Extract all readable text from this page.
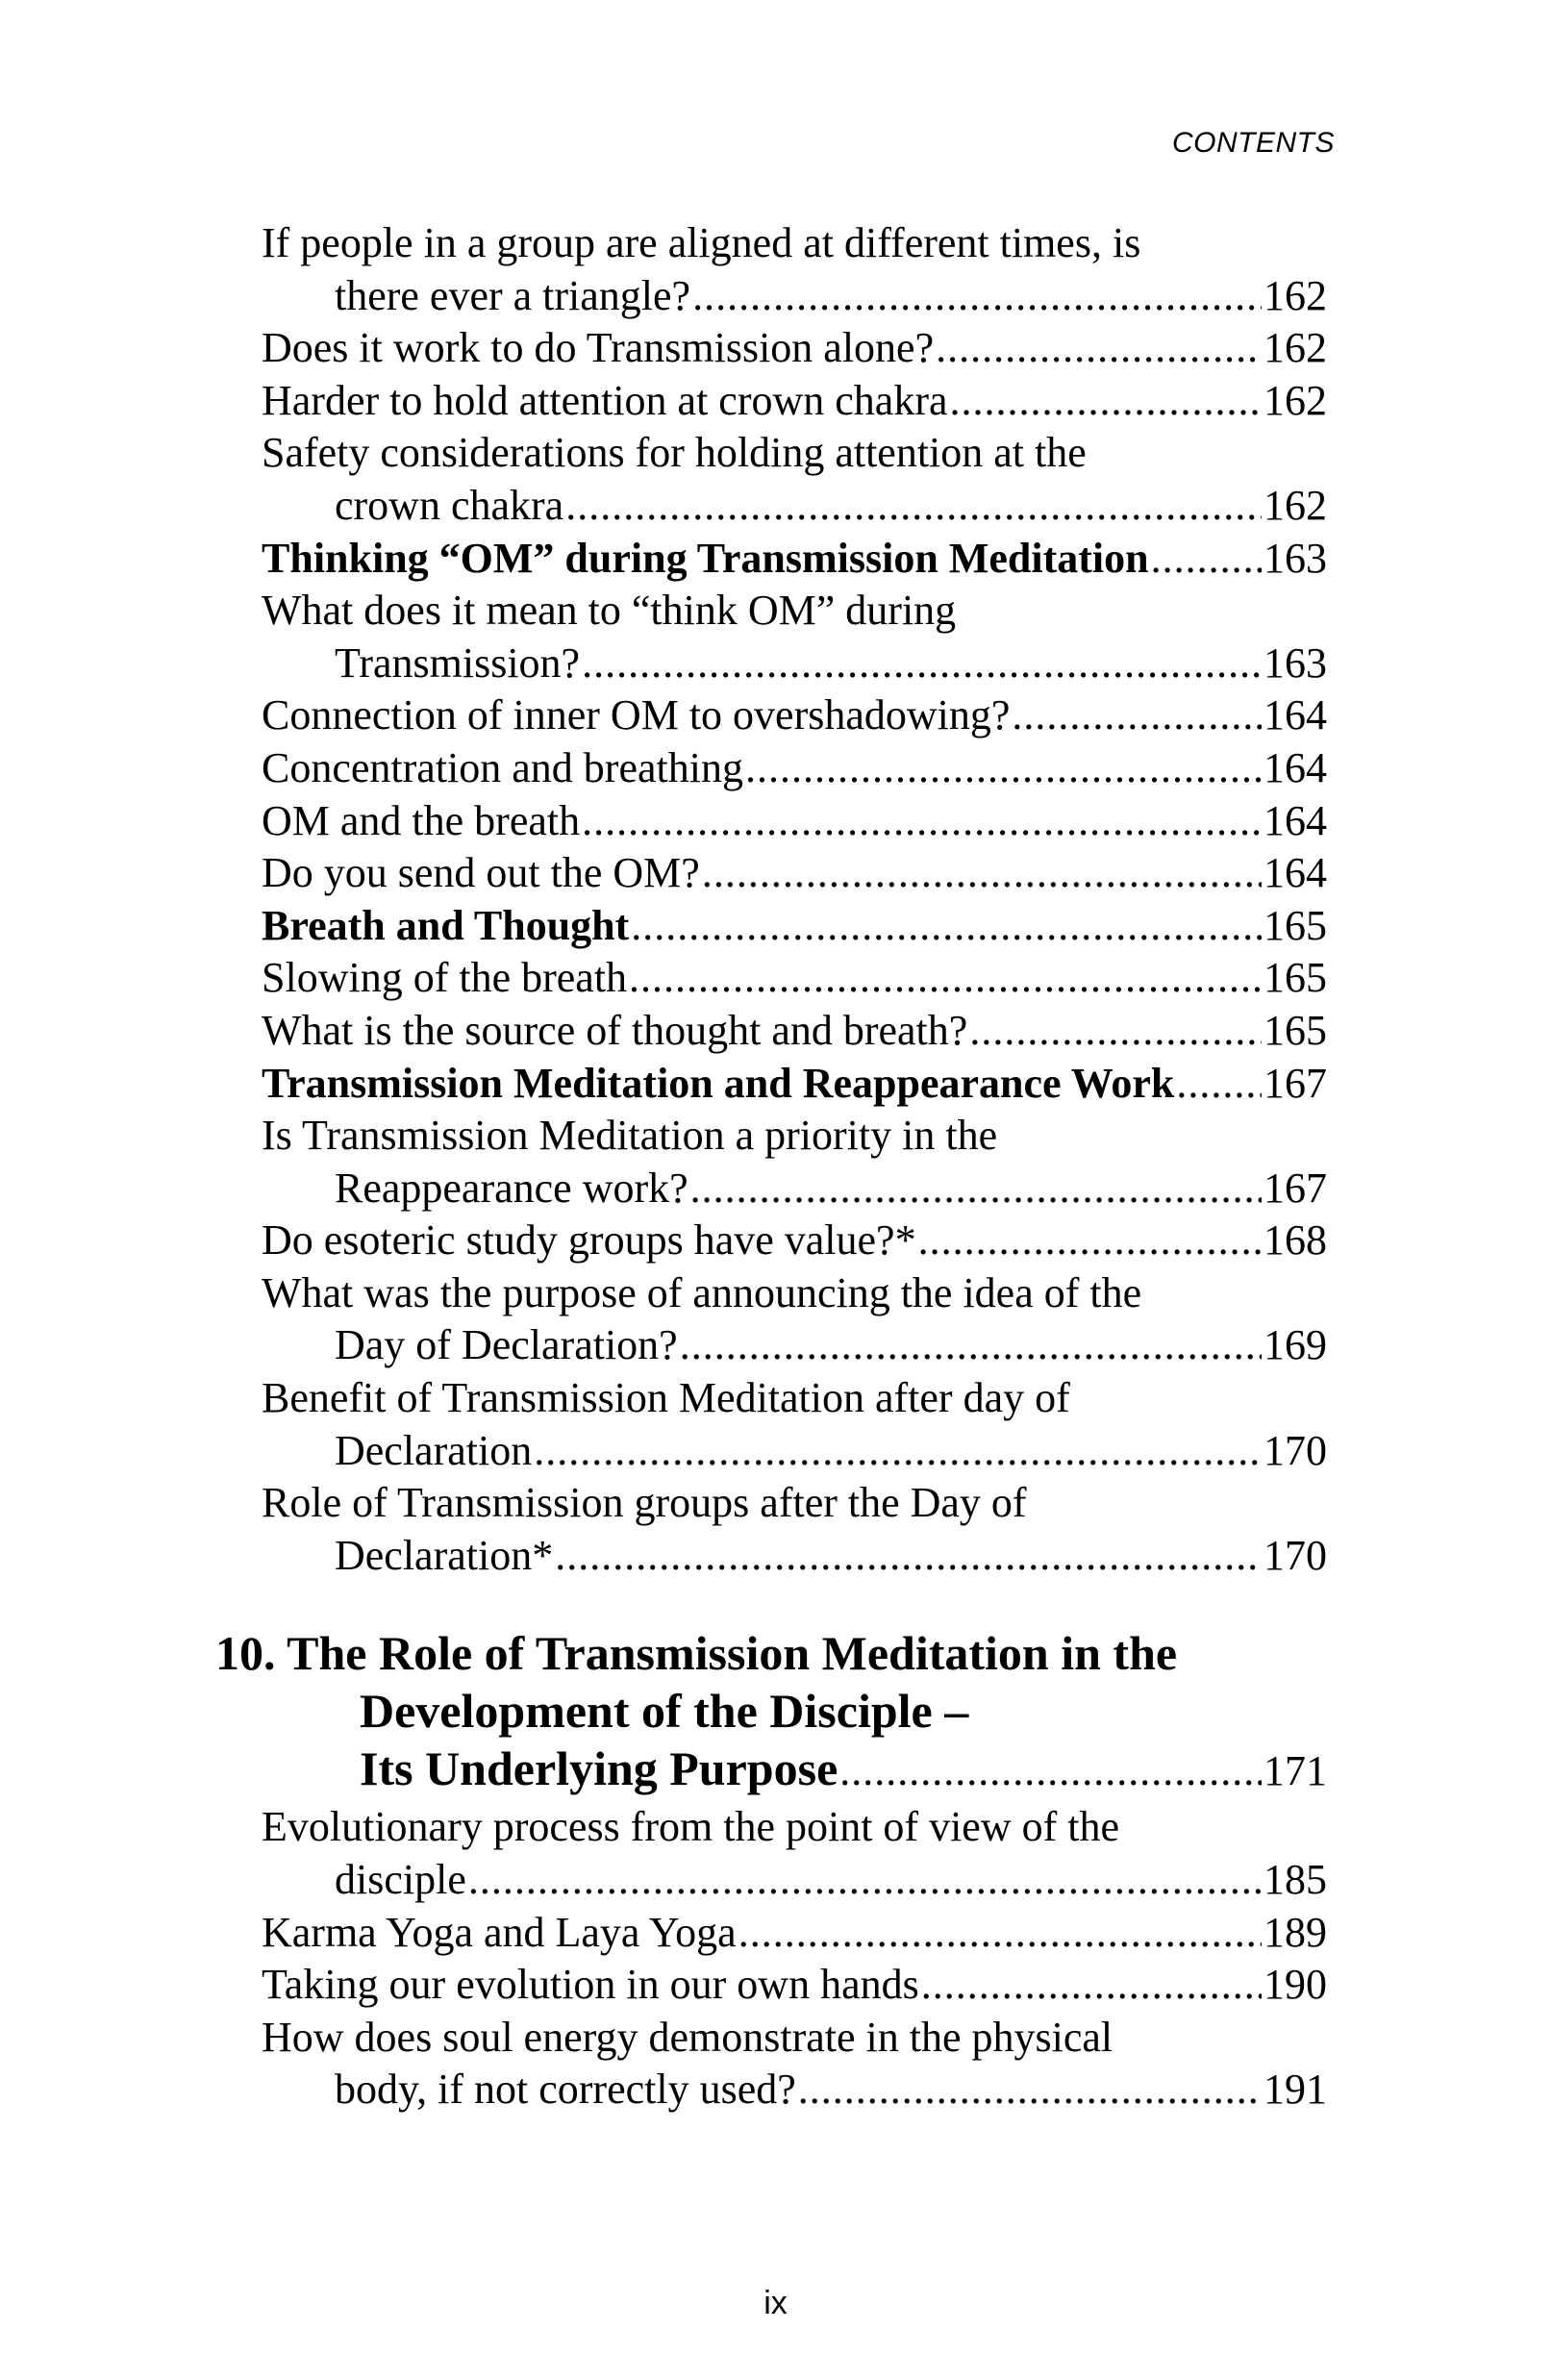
CONTENTS
If people in a group are aligned at different times, is
there ever a triangle? .....	162
Does it work to do Transmission alone? .....	162
Harder to hold attention at crown chakra .....	162
Safety considerations for holding attention at the
crown chakra .....	162
Thinking “OM” during Transmission Meditation .....	163
What does it mean to “think OM” during
Transmission? .....	163
Connection of inner OM to overshadowing? .....	164
Concentration and breathing .....	164
OM and the breath .....	164
Do you send out the OM? .....	164
Breath and Thought .....	165
Slowing of the breath .....	165
What is the source of thought and breath? .....	165
Transmission Meditation and Reappearance Work ..... 167
Is Transmission Meditation a priority in the
Reappearance work? .....	167
Do esoteric study groups have value?* .....	168
What was the purpose of announcing the idea of the
Day of Declaration? .....	169
Benefit of Transmission Meditation after day of
Declaration .....	170
Role of Transmission groups after the Day of
Declaration* .....	170
10. The Role of Transmission Meditation in the
Development of the Disciple –
Its Underlying Purpose .....	171
Evolutionary process from the point of view of the
disciple .....	185
Karma Yoga and Laya Yoga .....	189
Taking our evolution in our own hands .....	190
How does soul energy demonstrate in the physical
body, if not correctly used? .....	191
ix
